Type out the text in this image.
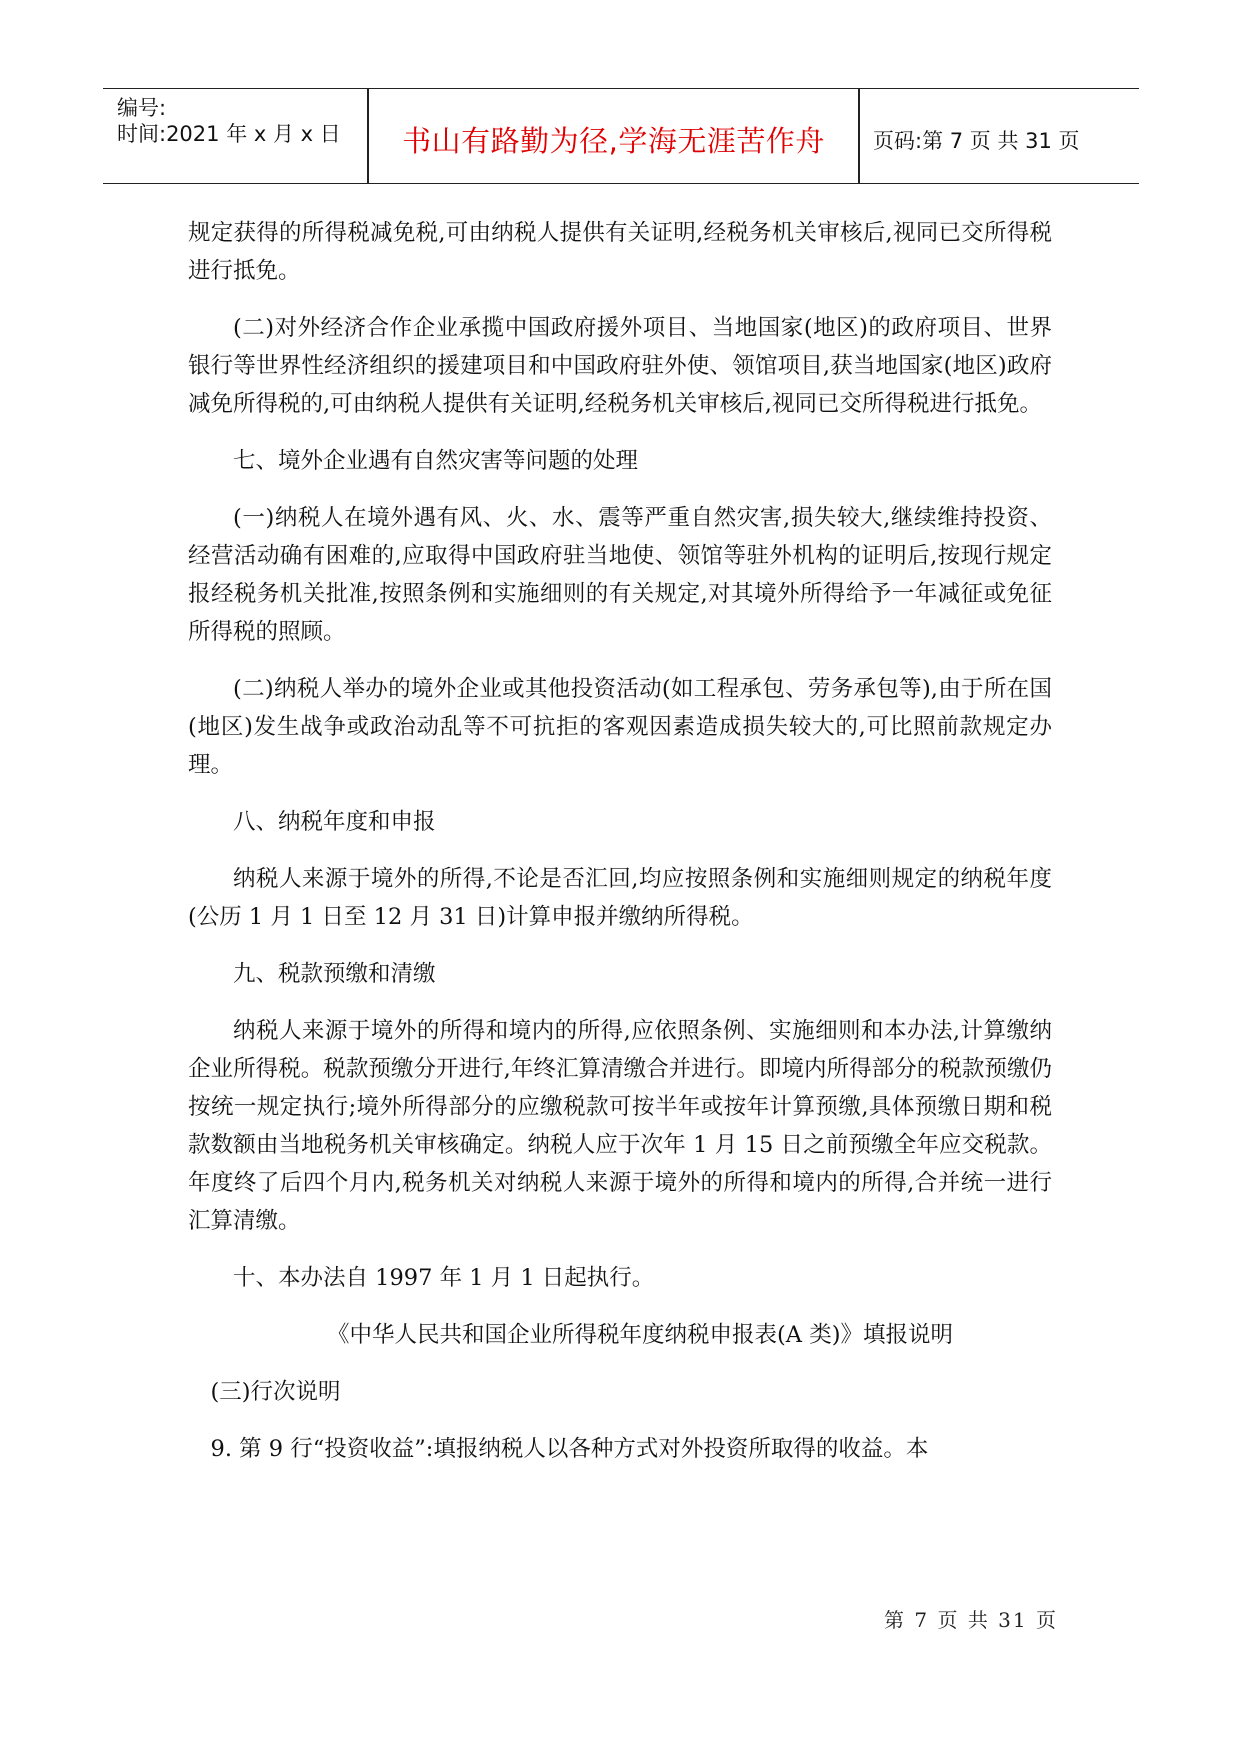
编号:
时间:2021 年 x 月 x 日	书山有路勤为径,学海无涯苦作舟	页码:第 7 页 共 31 页

规定获得的所得税减免税,可由纳税人提供有关证明,经税务机关审核后,视同已交所得税进行抵免。

(二)对外经济合作企业承揽中国政府援外项目、当地国家(地区)的政府项目、世界银行等世界性经济组织的援建项目和中国政府驻外使、领馆项目,获当地国家(地区)政府减免所得税的,可由纳税人提供有关证明,经税务机关审核后,视同已交所得税进行抵免。

七、境外企业遇有自然灾害等问题的处理

(一)纳税人在境外遇有风、火、水、震等严重自然灾害,损失较大,继续维持投资、经营活动确有困难的,应取得中国政府驻当地使、领馆等驻外机构的证明后,按现行规定报经税务机关批准,按照条例和实施细则的有关规定,对其境外所得给予一年减征或免征所得税的照顾。

(二)纳税人举办的境外企业或其他投资活动(如工程承包、劳务承包等),由于所在国(地区)发生战争或政治动乱等不可抗拒的客观因素造成损失较大的,可比照前款规定办理。

八、纳税年度和申报

纳税人来源于境外的所得,不论是否汇回,均应按照条例和实施细则规定的纳税年度(公历 1 月 1 日至 12 月 31 日)计算申报并缴纳所得税。

九、税款预缴和清缴

纳税人来源于境外的所得和境内的所得,应依照条例、实施细则和本办法,计算缴纳企业所得税。税款预缴分开进行,年终汇算清缴合并进行。即境内所得部分的税款预缴仍按统一规定执行;境外所得部分的应缴税款可按半年或按年计算预缴,具体预缴日期和税款数额由当地税务机关审核确定。纳税人应于次年 1 月 15 日之前预缴全年应交税款。年度终了后四个月内,税务机关对纳税人来源于境外的所得和境内的所得,合并统一进行汇算清缴。

十、本办法自 1997 年 1 月 1 日起执行。

《中华人民共和国企业所得税年度纳税申报表(A 类)》填报说明

(三)行次说明

9. 第 9 行“投资收益”:填报纳税人以各种方式对外投资所取得的收益。本

第 7 页 共 31 页
